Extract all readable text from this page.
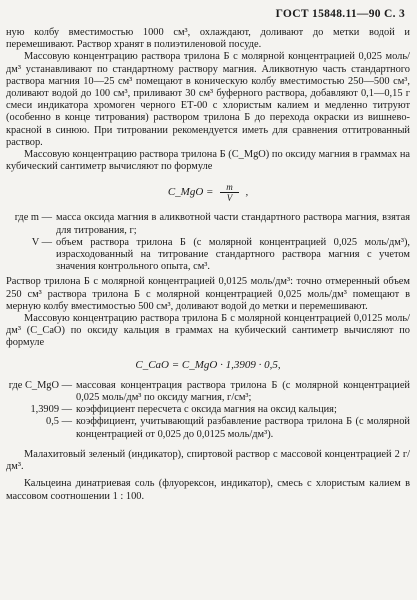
ГОСТ 15848.11—90 С. 3

ную колбу вместимостью 1000 см³, охлаждают, доливают до метки водой и перемешивают. Раствор хранят в полиэтиленовой посуде.

Массовую концентрацию раствора трилона Б с молярной концентрацией 0,025 моль/дм³ устанавливают по стандартному раствору магния. Аликвотную часть стандартного раствора магния 10—25 см³ помещают в коническую колбу вместимостью 250—500 см³, доливают водой до 100 см³, приливают 30 см³ буферного раствора, добавляют 0,1—0,15 г смеси индикатора хромоген черного ЕТ-00 с хлористым калием и медленно титруют (особенно в конце титрования) раствором трилона Б до перехода окраски из вишнево-красной в синюю. При титровании рекомендуется иметь для сравнения оттитрованный раствор.

Массовую концентрацию раствора трилона Б (C_MgO) по оксиду магния в граммах на кубический сантиметр вычисляют по формуле

C_MgO = $\frac{m}{V}$ ,
где m — масса оксида магния в аликвотной части стандартного раствора магния, взятая для титрования, г;
V — объем раствора трилона Б (с молярной концентрацией 0,025 моль/дм³), израсходованный на титрование стандартного раствора магния с учетом значения контрольного опыта, см³.

Раствор трилона Б с молярной концентрацией 0,0125 моль/дм³: точно отмеренный объем 250 см³ раствора трилона Б с молярной концентрацией 0,025 моль/дм³ помещают в мерную колбу вместимостью 500 см³, доливают водой до метки и перемешивают.

Массовую концентрацию раствора трилона Б с молярной концентрацией 0,0125 моль/дм³ (C_CaO) по оксиду кальция в граммах на кубический сантиметр вычисляют по формуле

C_CaO = C_MgO · 1,3909 · 0,5,
где C_MgO — массовая концентрация раствора трилона Б (с молярной концентрацией 0,025 моль/дм³ по оксиду магния, г/см³;
1,3909 — коэффициент пересчета с оксида магния на оксид кальция;
0,5 — коэффициент, учитывающий разбавление раствора трилона Б (с молярной концентрацией от 0,025 до 0,0125 моль/дм³).

Малахитовый зеленый (индикатор), спиртовой раствор с массовой концентрацией 2 г/дм³.

Кальцеина динатриевая соль (флуорексон, индикатор), смесь с хлористым калием в массовом соотношении 1 : 100.
